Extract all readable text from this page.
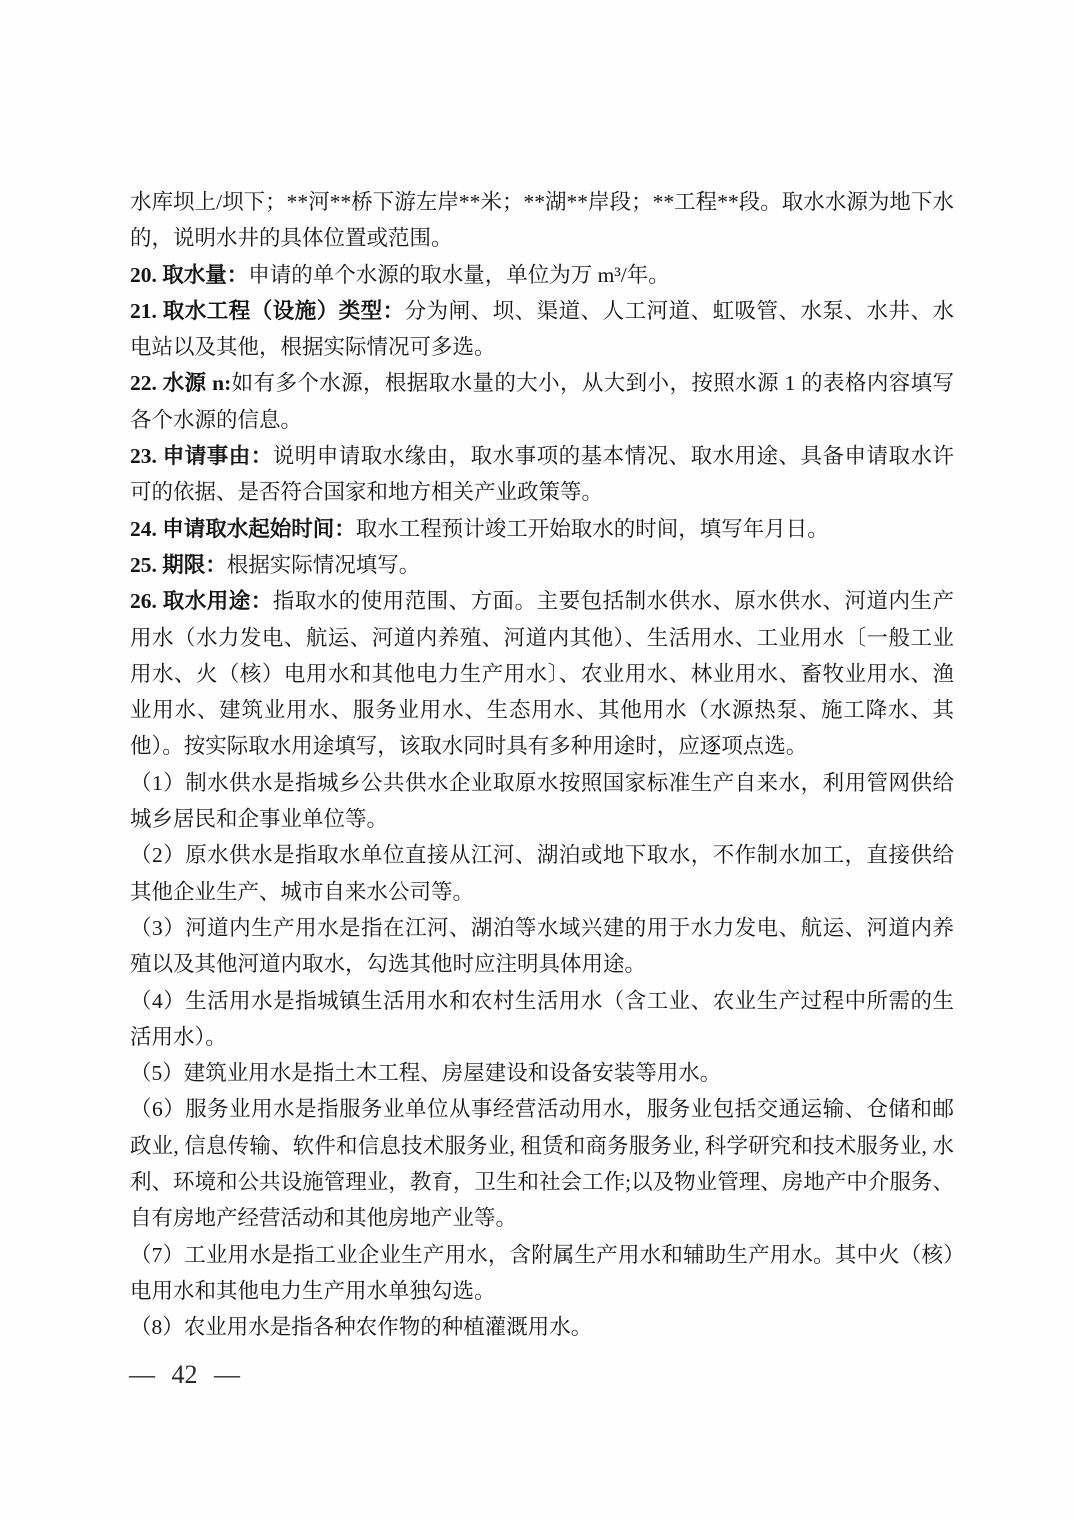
水库坝上/坝下；**河**桥下游左岸**米；**湖**岸段；**工程**段。取水水源为地下水的，说明水井的具体位置或范围。

20. 取水量：申请的单个水源的取水量，单位为万 m³/年。

21. 取水工程（设施）类型：分为闸、坝、渠道、人工河道、虹吸管、水泵、水井、水电站以及其他，根据实际情况可多选。

22. 水源 n:如有多个水源，根据取水量的大小，从大到小，按照水源 1 的表格内容填写各个水源的信息。

23. 申请事由：说明申请取水缘由，取水事项的基本情况、取水用途、具备申请取水许可的依据、是否符合国家和地方相关产业政策等。

24. 申请取水起始时间：取水工程预计竣工开始取水的时间，填写年月日。

25. 期限：根据实际情况填写。

26. 取水用途：指取水的使用范围、方面。主要包括制水供水、原水供水、河道内生产用水（水力发电、航运、河道内养殖、河道内其他）、生活用水、工业用水〔一般工业用水、火（核）电用水和其他电力生产用水〕、农业用水、林业用水、畜牧业用水、渔业用水、建筑业用水、服务业用水、生态用水、其他用水（水源热泵、施工降水、其他）。按实际取水用途填写，该取水同时具有多种用途时，应逐项点选。

（1）制水供水是指城乡公共供水企业取原水按照国家标准生产自来水，利用管网供给城乡居民和企事业单位等。

（2）原水供水是指取水单位直接从江河、湖泊或地下取水，不作制水加工，直接供给其他企业生产、城市自来水公司等。

（3）河道内生产用水是指在江河、湖泊等水域兴建的用于水力发电、航运、河道内养殖以及其他河道内取水，勾选其他时应注明具体用途。

（4）生活用水是指城镇生活用水和农村生活用水（含工业、农业生产过程中所需的生活用水）。

（5）建筑业用水是指土木工程、房屋建设和设备安装等用水。

（6）服务业用水是指服务业单位从事经营活动用水，服务业包括交通运输、仓储和邮政业, 信息传输、软件和信息技术服务业, 租赁和商务服务业, 科学研究和技术服务业, 水利、环境和公共设施管理业，教育，卫生和社会工作;以及物业管理、房地产中介服务、自有房地产经营活动和其他房地产业等。

（7）工业用水是指工业企业生产用水，含附属生产用水和辅助生产用水。其中火（核）电用水和其他电力生产用水单独勾选。

（8）农业用水是指各种农作物的种植灌溉用水。

— 42 —
